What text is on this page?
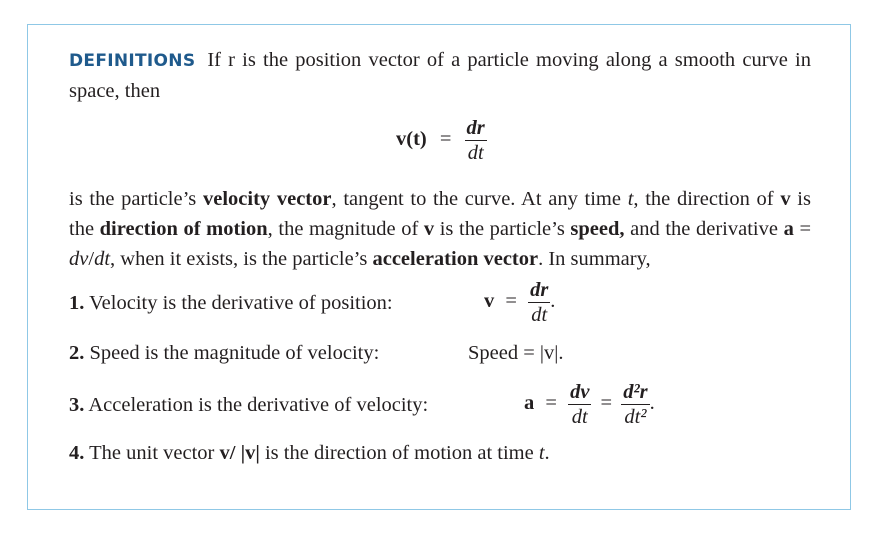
DEFINITIONS If r is the position vector of a particle moving along a smooth curve in space, then

$v(t) = \frac{dr}{dt}$

is the particle’s velocity vector, tangent to the curve. At any time t, the direction of v is the direction of motion, the magnitude of v is the particle’s speed, and the derivative a = dv/dt, when it exists, is the particle’s acceleration vector. In summary,

1. Velocity is the derivative of position:	$v = \frac{dr}{dt}$ .
2. Speed is the magnitude of velocity:	Speed = |v|.
3. Acceleration is the derivative of velocity:	$a = \frac{dv}{dt} = \frac{\text{d²r}}{\text{dt²}}$ .
4. The unit vector v/ |v| is the direction of motion at time t.
